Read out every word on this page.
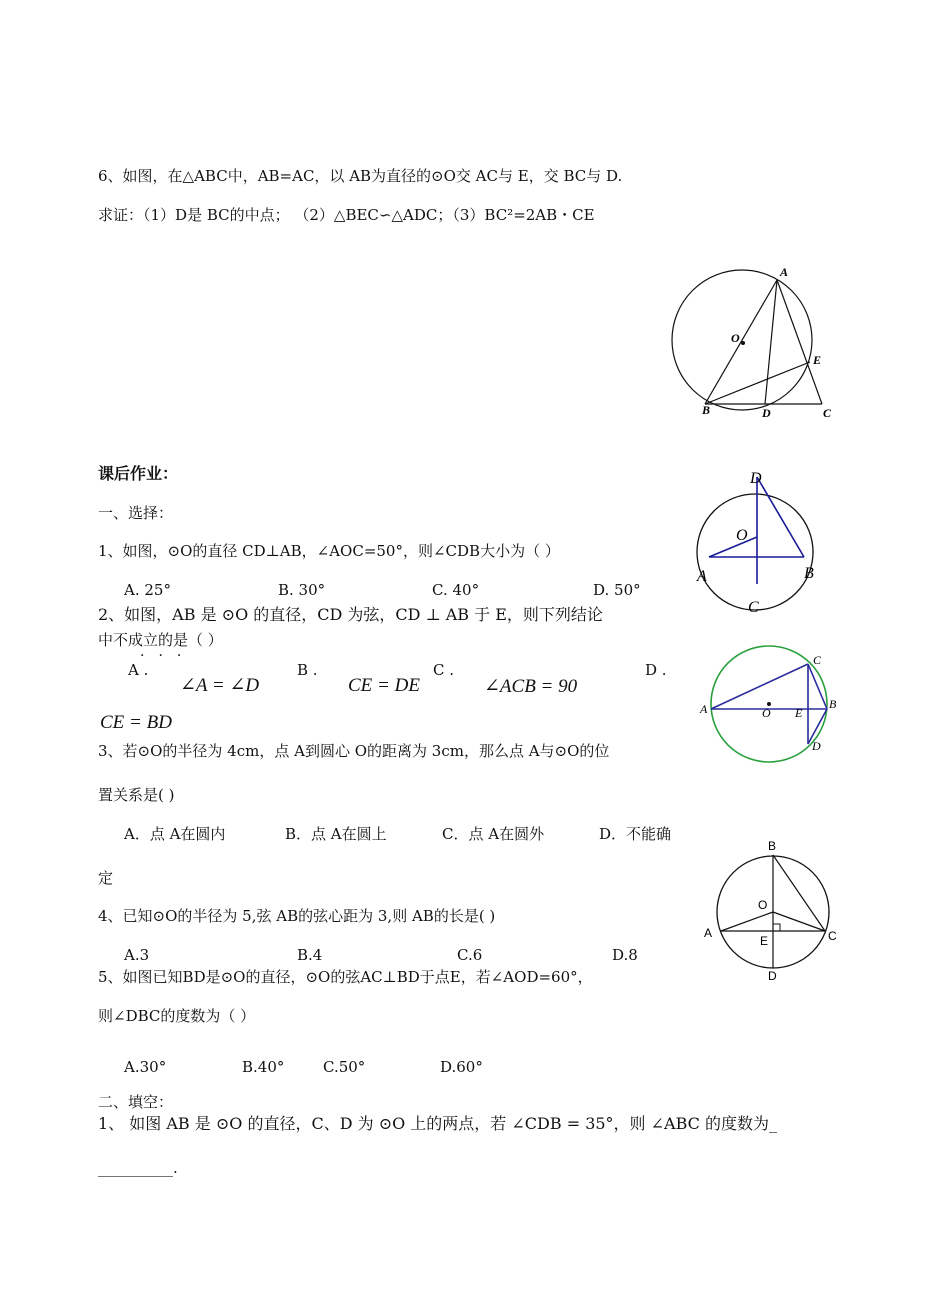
6、如图，在△ABC中，AB=AC，以 AB为直径的⊙O交 AC与 E，交 BC与 D.
求证：（1）D是 BC的中点； （2）△BEC∽△ADC；（3）BC²=2AB・CE
A
O
E
B	D	C
课后作业：
一、选择：
1、如图，⊙O的直径 CD⊥AB，∠AOC=50°，则∠CDB大小为（ ）
A. 25°	B. 30°	C. 40°	D. 50°
D
O
A	B
C
2、如图，AB 是 ⊙O 的直径，CD 为弦，CD ⊥ AB 于 E，则下列结论
中不成立的是（ ）
···
A .
∠A = ∠D
B .
CE = DE
C .
∠ACB = 90
D .
CE = BD
C
A	O E
B
D
3、若⊙O的半径为 4cm，点 A到圆心 O的距离为 3cm，那么点 A与⊙O的位
置关系是( )
A．点 A在圆内	B．点 A在圆上	C．点 A在圆外	D．不能确
定
B
O
A
E	C
D
4、已知⊙O的半径为 5,弦 AB的弦心距为 3,则 AB的长是( )
A.3	B.4	C.6	D.8
5、如图已知BD是⊙O的直径，⊙O的弦AC⊥BD于点E，若∠AOD=60°，
则∠DBC的度数为（ ）
A.30°	B.40°	C.50°	D.60°
二、填空：
1、 如图 AB 是 ⊙O 的直径，C、D 为 ⊙O 上的两点，若 ∠CDB = 35°，则 ∠ABC 的度数为_
__________.
